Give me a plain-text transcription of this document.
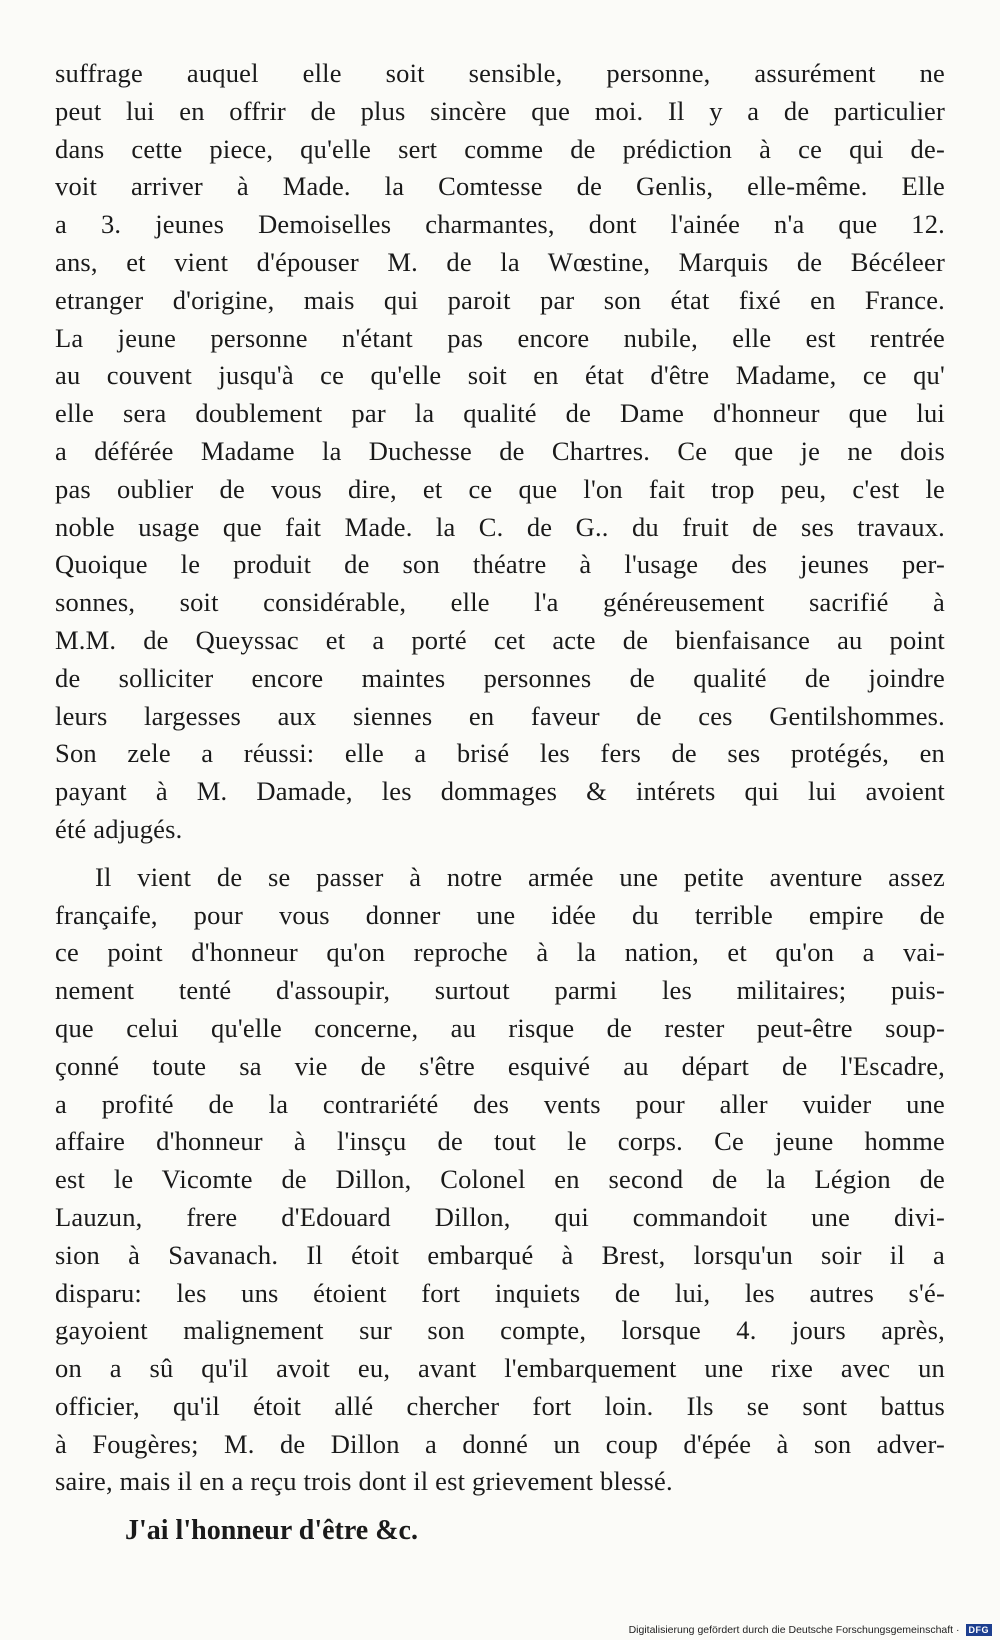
suffrage auquel elle soit sensible, personne, assurément ne
peut lui en offrir de plus sincère que moi. Il y a de particulier
dans cette piece, qu'elle sert comme de prédiction à ce qui de-
voit arriver à Made. la Comtesse de Genlis, elle-même. Elle
a 3. jeunes Demoiselles charmantes, dont l'ainée n'a que 12.
ans, et vient d'épouser M. de la Wœstine, Marquis de Bécéleer
etranger d'origine, mais qui paroit par son état fixé en France.
La jeune personne n'étant pas encore nubile, elle est rentrée
au couvent jusqu'à ce qu'elle soit en état d'être Madame, ce qu'
elle sera doublement par la qualité de Dame d'honneur que lui
a déférée Madame la Duchesse de Chartres. Ce que je ne dois
pas oublier de vous dire, et ce que l'on fait trop peu, c'est le
noble usage que fait Made. la C. de G.. du fruit de ses travaux.
Quoique le produit de son théatre à l'usage des jeunes per-
sonnes, soit considérable, elle l'a généreusement sacrifié à
M.M. de Queyssac et a porté cet acte de bienfaisance au point
de solliciter encore maintes personnes de qualité de joindre
leurs largesses aux siennes en faveur de ces Gentilshommes.
Son zele a réussi: elle a brisé les fers de ses protégés, en
payant à M. Damade, les dommages & intérets qui lui avoient
été adjugés.
Il vient de se passer à notre armée une petite aventure assez
françaife, pour vous donner une idée du terrible empire de
ce point d'honneur qu'on reproche à la nation, et qu'on a vai-
nement tenté d'assoupir, surtout parmi les militaires; puis-
que celui qu'elle concerne, au risque de rester peut-être soup-
çonné toute sa vie de s'être esquivé au départ de l'Escadre,
a profité de la contrariété des vents pour aller vuider une
affaire d'honneur à l'insçu de tout le corps. Ce jeune homme
est le Vicomte de Dillon, Colonel en second de la Légion de
Lauzun, frere d'Edouard Dillon, qui commandoit une divi-
sion à Savanach. Il étoit embarqué à Brest, lorsqu'un soir il a
disparu: les uns étoient fort inquiets de lui, les autres s'é-
gayoient malignement sur son compte, lorsque 4. jours après,
on a sû qu'il avoit eu, avant l'embarquement une rixe avec un
officier, qu'il étoit allé chercher fort loin. Ils se sont battus
à Fougères; M. de Dillon a donné un coup d'épée à son adver-
saire, mais il en a reçu trois dont il est grievement blessé.
J'ai l'honneur d'être &c.
Digitalisierung gefördert durch die Deutsche Forschungsgemeinschaft ·	DFG
